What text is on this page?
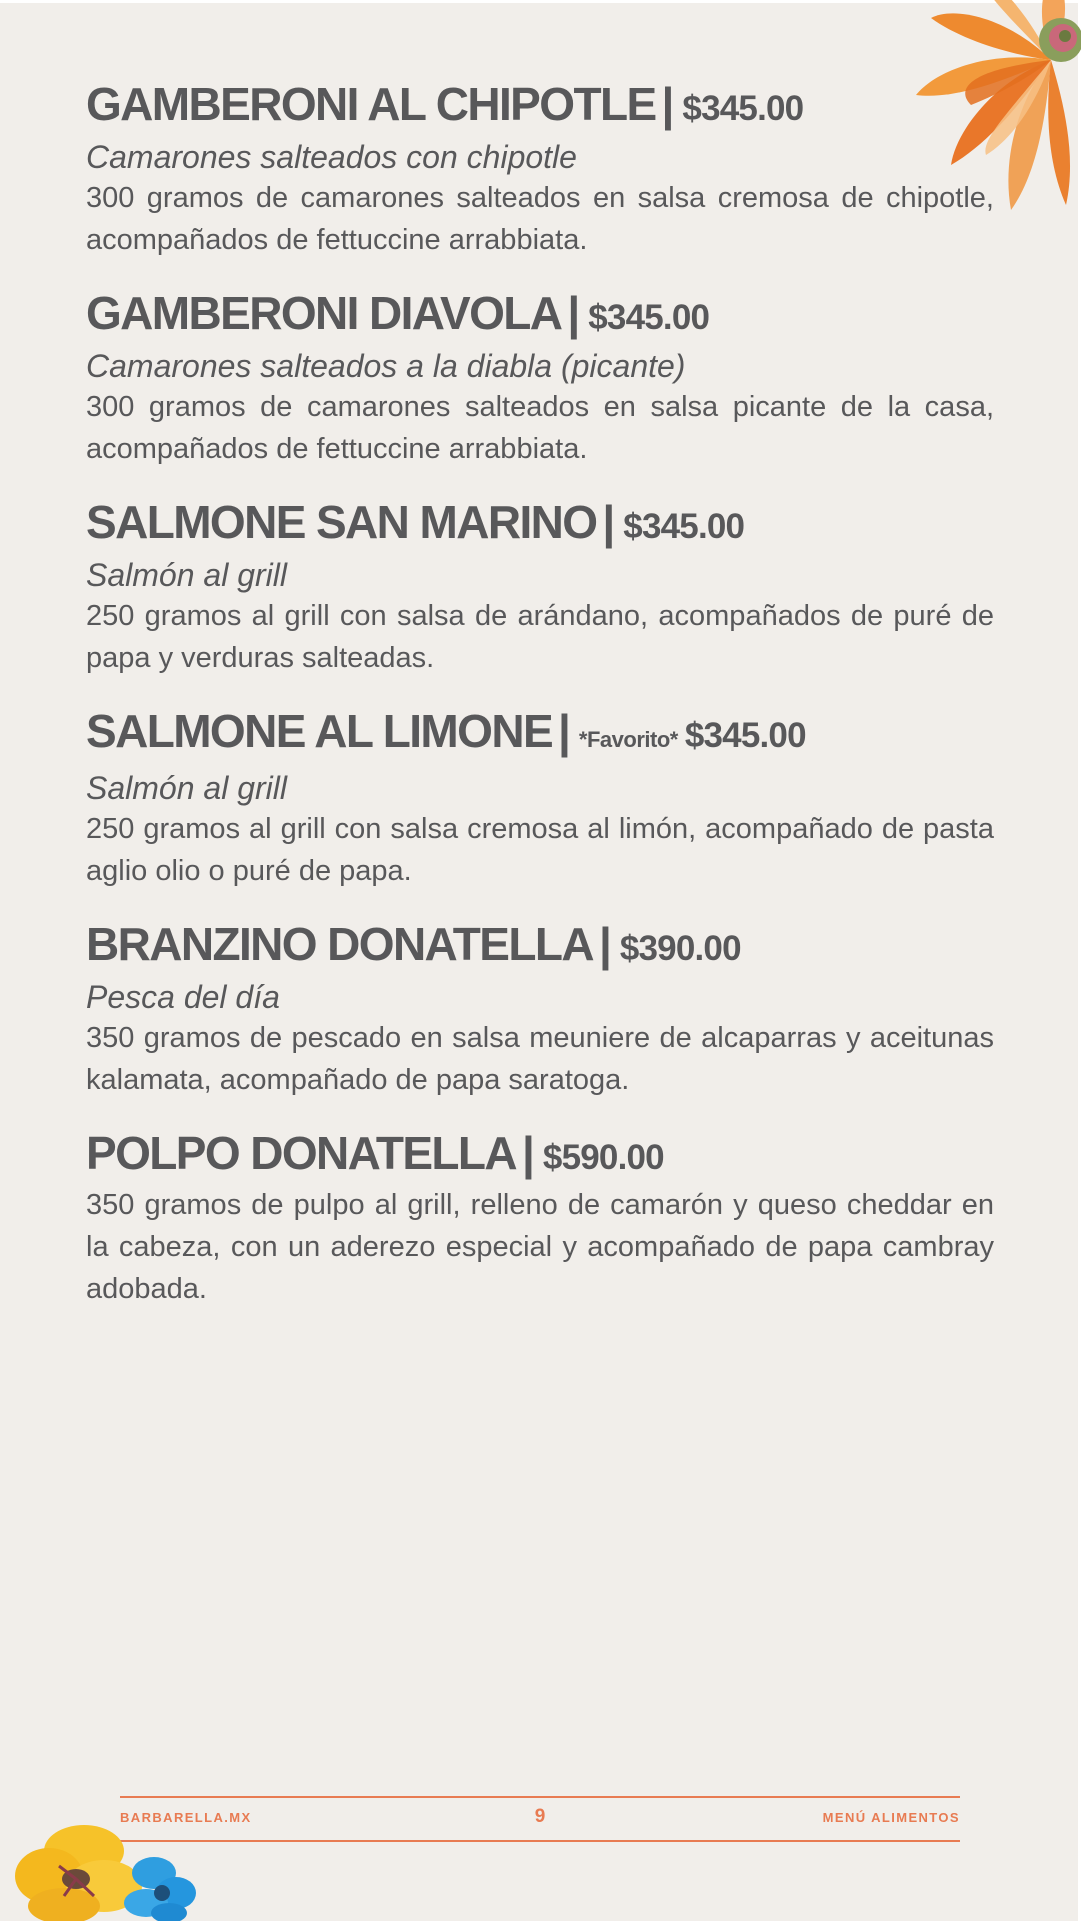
GAMBERONI AL CHIPOTLE | $345.00
Camarones salteados con chipotle
300 gramos de camarones salteados en salsa cremosa de chipotle, acompañados de fettuccine arrabbiata.
GAMBERONI DIAVOLA | $345.00
Camarones salteados a la diabla (picante)
300 gramos de camarones salteados en salsa picante de la casa, acompañados de fettuccine arrabbiata.
SALMONE SAN MARINO | $345.00
Salmón al grill
250 gramos al grill con salsa de arándano, acompañados de puré de papa y verduras salteadas.
SALMONE AL LIMONE | *Favorito* $345.00
Salmón al grill
250 gramos al grill con salsa cremosa al limón, acompañado de pasta aglio olio o puré de papa.
BRANZINO DONATELLA | $390.00
Pesca del día
350 gramos de pescado en salsa meuniere de alcaparras y aceitunas kalamata, acompañado de papa saratoga.
POLPO DONATELLA | $590.00
350 gramos de pulpo al grill, relleno de camarón y queso cheddar en la cabeza, con un aderezo especial y acompañado de papa cambray adobada.
BARBARELLA.MX	9	MENÚ ALIMENTOS
